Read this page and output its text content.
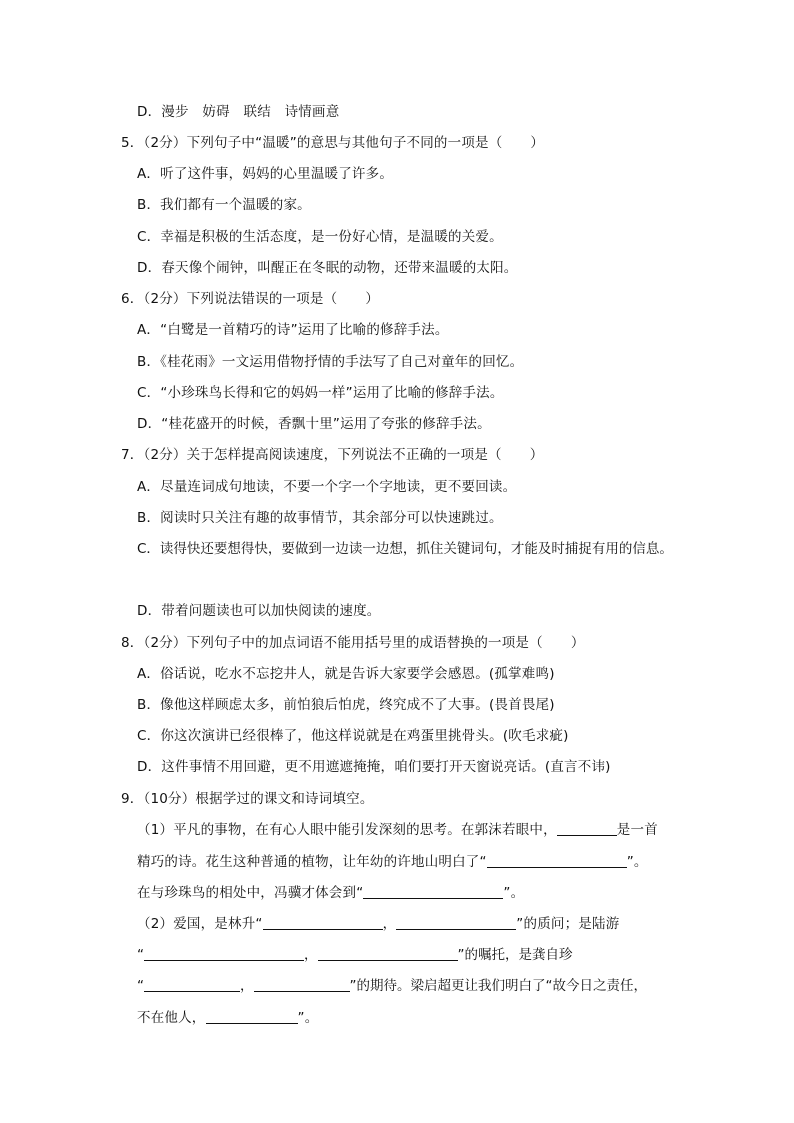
D．漫步　妨碍　联结　诗情画意
5．（2分）下列句子中“温暖”的意思与其他句子不同的一项是（ ）
A．听了这件事，妈妈的心里温暖了许多。
B．我们都有一个温暖的家。
C．幸福是积极的生活态度，是一份好心情，是温暖的关爱。
D．春天像个闹钟，叫醒正在冬眠的动物，还带来温暖的太阳。
6．（2分）下列说法错误的一项是（ ）
A．“白鹭是一首精巧的诗”运用了比喻的修辞手法。
B．《桂花雨》一文运用借物抒情的手法写了自己对童年的回忆。
C．“小珍珠鸟长得和它的妈妈一样”运用了比喻的修辞手法。
D．“桂花盛开的时候，香飘十里”运用了夸张的修辞手法。
7．（2分）关于怎样提高阅读速度，下列说法不正确的一项是（ ）
A．尽量连词成句地读，不要一个字一个字地读，更不要回读。
B．阅读时只关注有趣的故事情节，其余部分可以快速跳过。
C．读得快还要想得快，要做到一边读一边想，抓住关键词句，才能及时捕捉有用的信息。
D．带着问题读也可以加快阅读的速度。
8．（2分）下列句子中的加点词语不能用括号里的成语替换的一项是（ ）
A．俗话说，吃水不忘挖井人，就是告诉大家要学会感恩。(孤掌难鸣)
B．像他这样顾虑太多，前怕狼后怕虎，终究成不了大事。(畏首畏尾)
C．你这次演讲已经很棒了，他这样说就是在鸡蛋里挑骨头。(吹毛求疵)
D．这件事情不用回避，更不用遮遮掩掩，咱们要打开天窗说亮话。(直言不讳)
9．（10分）根据学过的课文和诗词填空。
（1）平凡的事物，在有心人眼中能引发深刻的思考。在郭沫若眼中，	是一首
精巧的诗。花生这种普通的植物，让年幼的许地山明白了“	”。
在与珍珠鸟的相处中，冯骥才体会到“	”。
（2）爱国，是林升“	，	”的质问；是陆游
“	，	”的嘱托，是龚自珍
“	，	”的期待。梁启超更让我们明白了“故今日之责任，
不在他人，	”。
